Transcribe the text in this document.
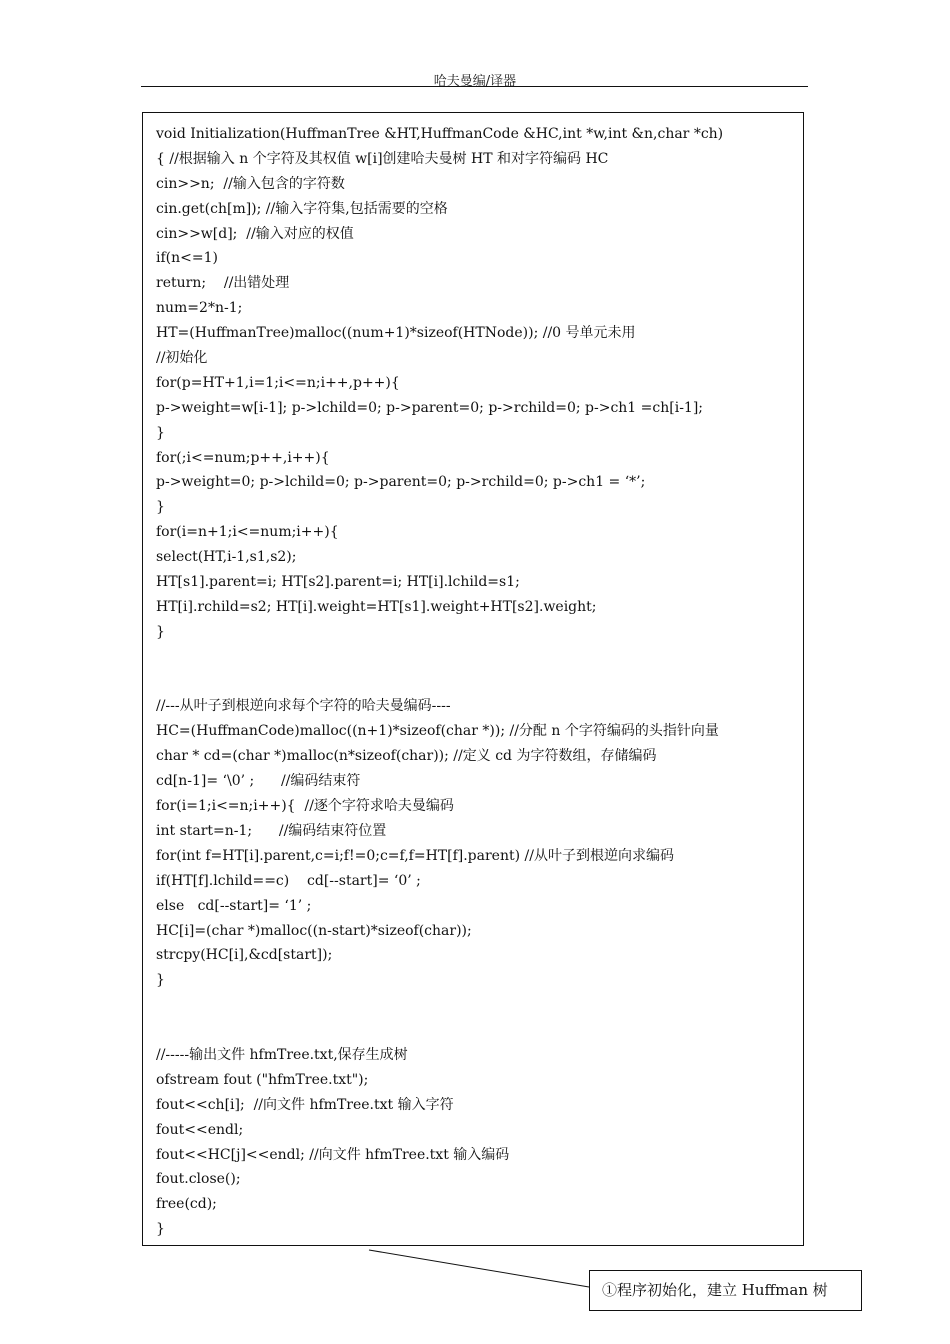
哈夫曼编/译器
void Initialization(HuffmanTree &HT,HuffmanCode &HC,int *w,int &n,char *ch)
{ //根据输入 n 个字符及其权值 w[i]创建哈夫曼树 HT 和对字符编码 HC
cin>>n;  //输入包含的字符数
cin.get(ch[m]); //输入字符集,包括需要的空格
cin>>w[d];  //输入对应的权值
if(n<=1)
return;    //出错处理
num=2*n-1;
HT=(HuffmanTree)malloc((num+1)*sizeof(HTNode)); //0 号单元未用
//初始化
for(p=HT+1,i=1;i<=n;i++,p++){
p->weight=w[i-1]; p->lchild=0; p->parent=0; p->rchild=0; p->ch1 =ch[i-1];
}
for(;i<=num;p++,i++){
p->weight=0; p->lchild=0; p->parent=0; p->rchild=0; p->ch1 = ‘*’;
}
for(i=n+1;i<=num;i++){
select(HT,i-1,s1,s2);
HT[s1].parent=i; HT[s2].parent=i; HT[i].lchild=s1;
HT[i].rchild=s2; HT[i].weight=HT[s1].weight+HT[s2].weight;
}
//---从叶子到根逆向求每个字符的哈夫曼编码----
HC=(HuffmanCode)malloc((n+1)*sizeof(char *)); //分配 n 个字符编码的头指针向量
char * cd=(char *)malloc(n*sizeof(char)); //定义 cd 为字符数组，存储编码
cd[n-1]= ‘\0’ ;      //编码结束符
for(i=1;i<=n;i++){  //逐个字符求哈夫曼编码
int start=n-1;      //编码结束符位置
for(int f=HT[i].parent,c=i;f!=0;c=f,f=HT[f].parent) //从叶子到根逆向求编码
if(HT[f].lchild==c)    cd[--start]= ‘0’ ;
else   cd[--start]= ‘1’ ;
HC[i]=(char *)malloc((n-start)*sizeof(char));
strcpy(HC[i],&cd[start]);
}
//-----输出文件 hfmTree.txt,保存生成树
ofstream fout ("hfmTree.txt");
fout<<ch[i];  //向文件 hfmTree.txt 输入字符
fout<<endl;
fout<<HC[j]<<endl; //向文件 hfmTree.txt 输入编码
fout.close();
free(cd);
}
①程序初始化，建立 Huffman 树
